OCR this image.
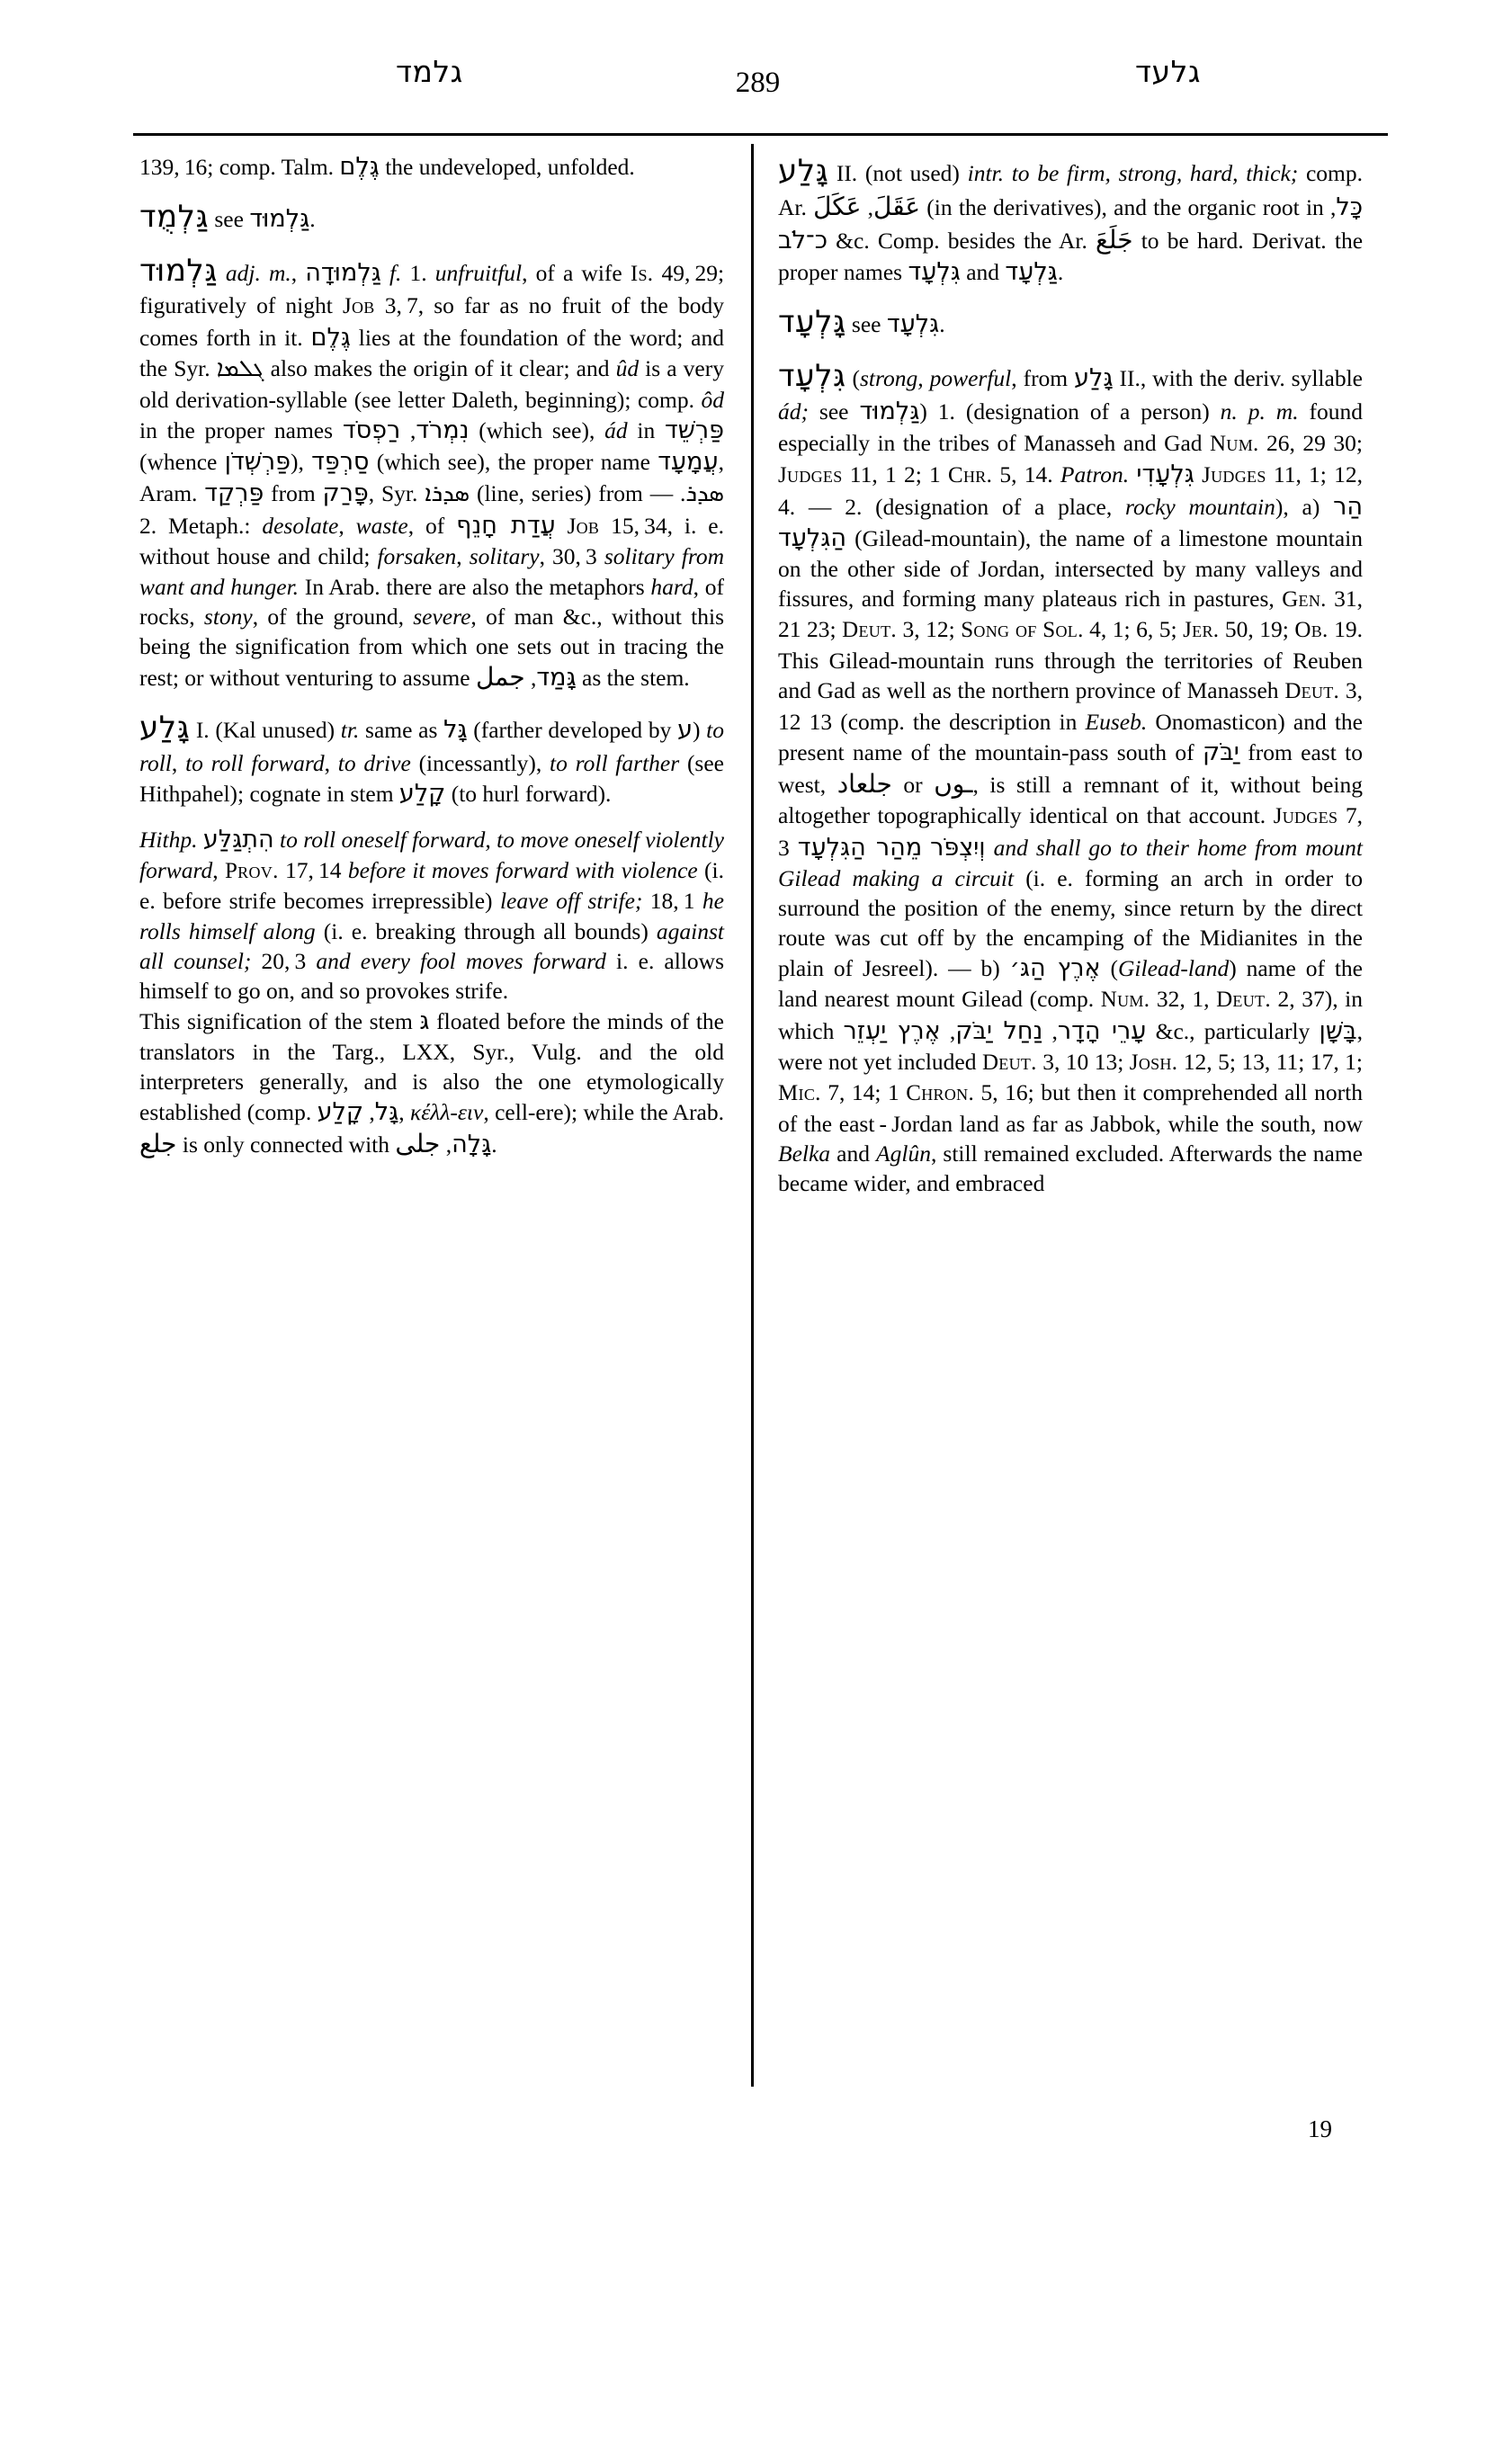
גלמד	289	גלעד

139, 16; comp. Talm. גֶּלֶם the undeveloped, unfolded.

גַּלְמֻד see גַּלְמוּד.

גַּלְמוּד adj. m., גַּלְמוּדָה f. 1. unfruitful, of a wife Is. 49, 29; figuratively of night Job 3, 7, so far as no fruit of the body comes forth in it. גֶּלֶם lies at the foundation of the word; and the Syr. ܓܠܡܐ also makes the origin of it clear; and ûd is a very old derivation-syllable (see letter Daleth, beginning); comp. ôd in the proper names	נִמְרֹד, רַפְסֹד	(which see), ád in פַּרְשֵׁד (whence פַּרְשְׁדֹן), סַרְפַּד (which see), the proper name עֲמָעָד, Aram. פַּרְקַד from פָּרַק, Syr. ܣܕܪܐ (line, series) from ܣܕܪ. — 2. Metaph.: desolate, waste, of עֲדַת חָנֵף Job 15, 34, i. e. without house and child; forsaken, solitary, 30, 3 solitary from want and hunger. In Arab. there are also the metaphors hard, of rocks, stony, of the ground, severe, of man &c., without this being the signification from which one sets out in tracing the rest; or without venturing to assume גָּמַד, جمل as the stem.

גָּלַע I. (Kal unused) tr. same as גָּל (farther developed by ע) to roll, to roll forward, to drive (incessantly), to roll farther (see Hithpahel); cognate in stem קָלַע (to hurl forward).

Hithp. הִתְגַּלַּע to roll oneself forward, to move oneself violently forward, Prov. 17, 14 before it moves forward with violence (i. e. before strife becomes irrepressible) leave off strife; 18, 1 he rolls himself along (i. e. breaking through all bounds) against all counsel; 20, 3 and every fool moves forward i. e. allows himself to go on, and so provokes strife.

This signification of the stem גּ floated before the minds of the translators in the Targ., LXX, Syr., Vulg. and the old interpreters generally, and is also the one etymologically established (comp. גָּל, קָלַע , κέλλ-ειν, cell-ere); while the Arab. جلع is only connected with גָּלָה, جلى .

גָּלַע II. (not used) intr. to be firm, strong, hard, thick; comp. Ar. عَقَلَ, عَكَلَ	(in the derivatives), and the organic root in כָּל, כ־לֹב &c. Comp. besides the Ar. جَلَعَ to be hard. Derivat. the proper names גִּלְעָד and גַּלְעָד.

גָּלְעָד see גִּלְעָד.

גִּלְעָד (strong, powerful, from גָּלַע II., with the deriv. syllable ád; see גַּלְמוּד) 1. (designation of a person) n. p. m. found especially in the tribes of Manasseh and Gad Num. 26, 29 30; Judges 11, 1 2; 1 Chr. 5, 14. Patron. גִּלְעָדִי Judges 11, 1; 12, 4. — 2. (designation of a place, rocky mountain), a) הַר הַגִּלְעָד (Gilead-mountain), the name of a limestone mountain on the other side of Jordan, intersected by many valleys and fissures, and forming many plateaus rich in pastures, Gen. 31, 21 23; Deut. 3, 12; Song of Sol. 4, 1; 6, 5; Jer. 50, 19; Ob. 19. This Gilead-mountain runs through the territories of Reuben and Gad as well as the northern province of Manasseh Deut. 3, 12 13 (comp. the description in Euseb. Onomasticon) and the present name of the mountain-pass south of יַבֹּק from east to west, جلعاد or ـوں, is still a remnant of it, without being altogether topographically identical on that account. Judges 7, 3	וְיִצְפֹּר מֵהַר הַגִּלְעָד	and shall go to their home from mount Gilead making a circuit (i. e. forming an arch in order to surround the position of the enemy, since return by the direct route was cut off by the encamping of the Midianites in the plain of Jesreel). — b) אֶרֶץ הַגּ׳ (Gilead-land) name of the land nearest mount Gilead (comp. Num. 32, 1, Deut. 2, 37), in which	עָרֵי הָדָר, נַחַל יַבֹּק, אֶרֶץ יַעְזֵר	&c., particularly בָּשָׁן, were not yet included Deut. 3, 10 13; Josh. 12, 5; 13, 11; 17, 1; Mic. 7, 14; 1 Chron. 5, 16; but then it comprehended all north of the east - Jordan land as far as Jabbok, while the south, now Belka and Aglûn, still remained excluded. Afterwards the name became wider, and embraced

19
